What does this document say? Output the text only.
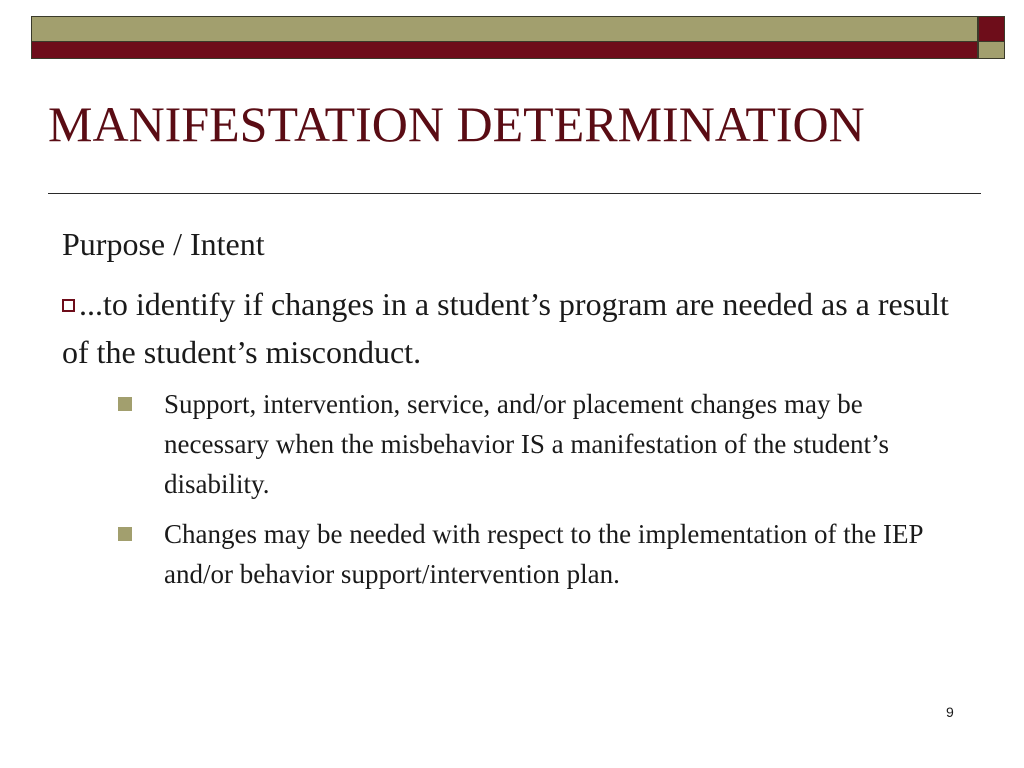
MANIFESTATION DETERMINATION
Purpose / Intent
...to identify if changes in a student’s program are needed as a result of the student’s misconduct.
Support, intervention, service, and/or placement changes may be necessary when the misbehavior IS a manifestation of the student’s disability.
Changes may be needed with respect to the implementation of the IEP and/or behavior support/intervention plan.
9
